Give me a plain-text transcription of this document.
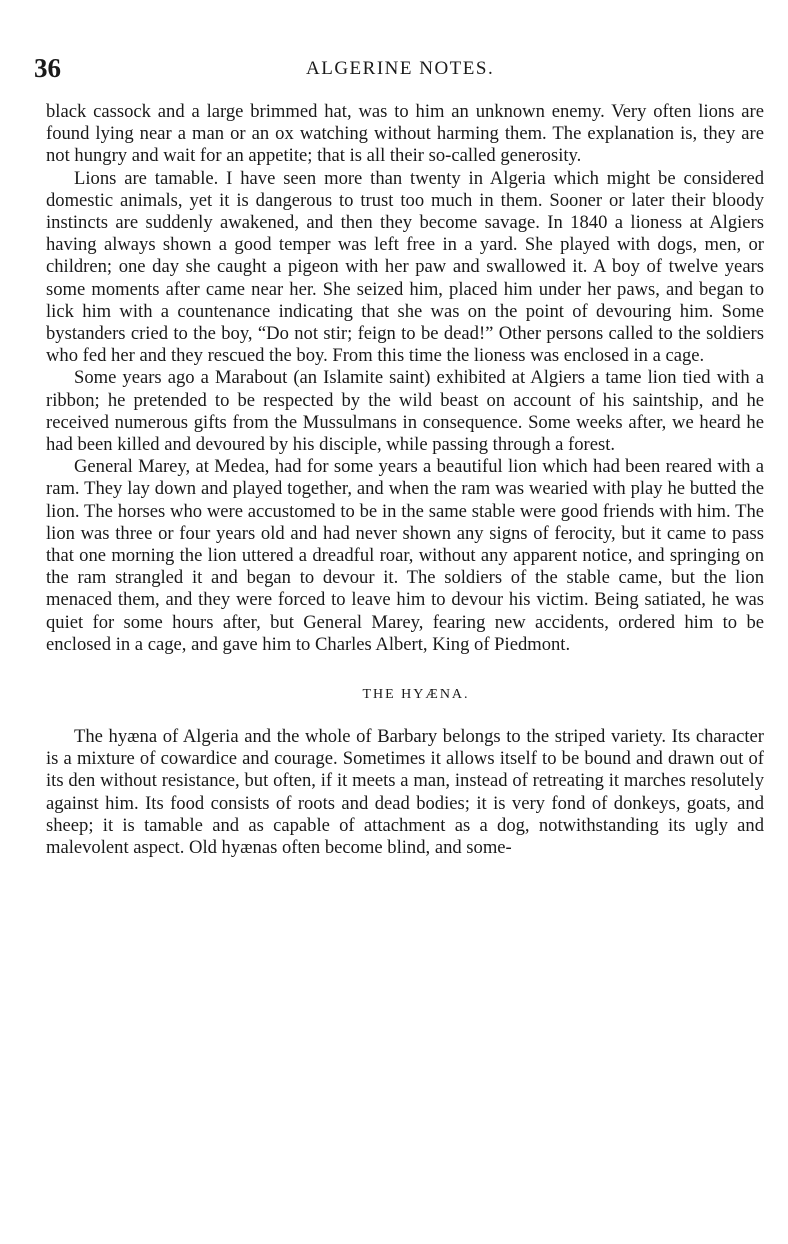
36	ALGERINE NOTES.

black cassock and a large brimmed hat, was to him an unknown enemy. Very often lions are found lying near a man or an ox watching without harming them. The explanation is, they are not hungry and wait for an appetite; that is all their so-called generosity.

Lions are tamable. I have seen more than twenty in Algeria which might be considered domestic animals, yet it is dangerous to trust too much in them. Sooner or later their bloody instincts are suddenly awakened, and then they become savage. In 1840 a lioness at Algiers having always shown a good temper was left free in a yard. She played with dogs, men, or children; one day she caught a pigeon with her paw and swallowed it. A boy of twelve years some moments after came near her. She seized him, placed him under her paws, and began to lick him with a countenance indicating that she was on the point of devouring him. Some bystanders cried to the boy, “Do not stir; feign to be dead!” Other persons called to the soldiers who fed her and they rescued the boy. From this time the lioness was enclosed in a cage.

Some years ago a Marabout (an Islamite saint) exhibited at Algiers a tame lion tied with a ribbon; he pretended to be respected by the wild beast on account of his saintship, and he received numerous gifts from the Mussulmans in consequence. Some weeks after, we heard he had been killed and devoured by his disciple, while passing through a forest.

General Marey, at Medea, had for some years a beautiful lion which had been reared with a ram. They lay down and played together, and when the ram was wearied with play he butted the lion. The horses who were accustomed to be in the same stable were good friends with him. The lion was three or four years old and had never shown any signs of ferocity, but it came to pass that one morning the lion uttered a dreadful roar, without any apparent notice, and springing on the ram strangled it and began to devour it. The soldiers of the stable came, but the lion menaced them, and they were forced to leave him to devour his victim. Being satiated, he was quiet for some hours after, but General Marey, fearing new accidents, ordered him to be enclosed in a cage, and gave him to Charles Albert, King of Piedmont.

THE HYÆNA.

The hyæna of Algeria and the whole of Barbary belongs to the striped variety. Its character is a mixture of cowardice and courage. Sometimes it allows itself to be bound and drawn out of its den without resistance, but often, if it meets a man, instead of retreating it marches resolutely against him. Its food consists of roots and dead bodies; it is very fond of donkeys, goats, and sheep; it is tamable and as capable of attachment as a dog, notwithstanding its ugly and malevolent aspect. Old hyænas often become blind, and some-
